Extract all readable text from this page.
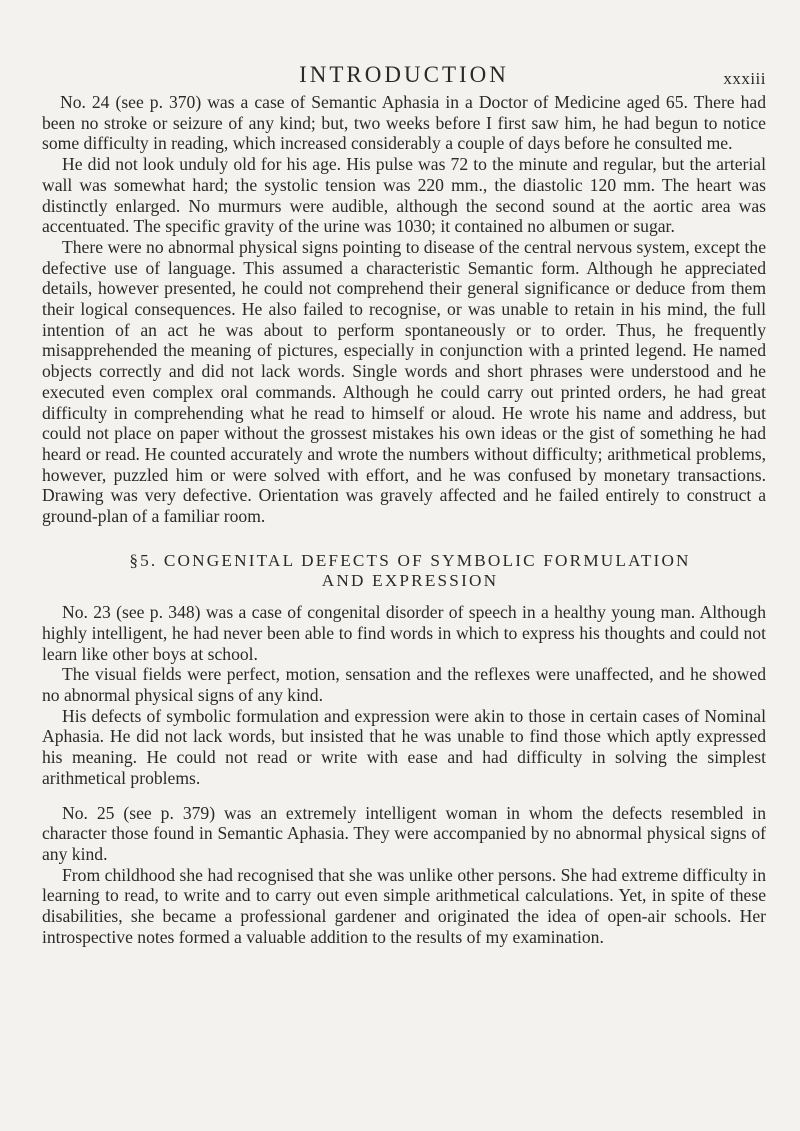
INTRODUCTION	xxxiii

No. 24 (see p. 370) was a case of Semantic Aphasia in a Doctor of Medicine aged 65. There had been no stroke or seizure of any kind; but, two weeks before I first saw him, he had begun to notice some difficulty in reading, which increased considerably a couple of days before he consulted me.

He did not look unduly old for his age. His pulse was 72 to the minute and regular, but the arterial wall was somewhat hard; the systolic tension was 220 mm., the diastolic 120 mm. The heart was distinctly enlarged. No murmurs were audible, although the second sound at the aortic area was accentuated. The specific gravity of the urine was 1030; it contained no albumen or sugar.

There were no abnormal physical signs pointing to disease of the central nervous system, except the defective use of language. This assumed a characteristic Semantic form. Although he appreciated details, however presented, he could not comprehend their general significance or deduce from them their logical consequences. He also failed to recognise, or was unable to retain in his mind, the full intention of an act he was about to perform spontaneously or to order. Thus, he frequently misapprehended the meaning of pictures, especially in conjunction with a printed legend. He named objects correctly and did not lack words. Single words and short phrases were understood and he executed even complex oral commands. Although he could carry out printed orders, he had great difficulty in comprehending what he read to himself or aloud. He wrote his name and address, but could not place on paper without the grossest mistakes his own ideas or the gist of something he had heard or read. He counted accurately and wrote the numbers without difficulty; arithmetical problems, however, puzzled him or were solved with effort, and he was confused by monetary transactions. Drawing was very defective. Orientation was gravely affected and he failed entirely to construct a ground-plan of a familiar room.

§5. CONGENITAL DEFECTS OF SYMBOLIC FORMULATION
AND EXPRESSION

No. 23 (see p. 348) was a case of congenital disorder of speech in a healthy young man. Although highly intelligent, he had never been able to find words in which to express his thoughts and could not learn like other boys at school.

The visual fields were perfect, motion, sensation and the reflexes were unaffected, and he showed no abnormal physical signs of any kind.

His defects of symbolic formulation and expression were akin to those in certain cases of Nominal Aphasia. He did not lack words, but insisted that he was unable to find those which aptly expressed his meaning. He could not read or write with ease and had difficulty in solving the simplest arithmetical problems.

No. 25 (see p. 379) was an extremely intelligent woman in whom the defects resembled in character those found in Semantic Aphasia. They were accompanied by no abnormal physical signs of any kind.

From childhood she had recognised that she was unlike other persons. She had extreme difficulty in learning to read, to write and to carry out even simple arithmetical calculations. Yet, in spite of these disabilities, she became a professional gardener and originated the idea of open-air schools. Her introspective notes formed a valuable addition to the results of my examination.
